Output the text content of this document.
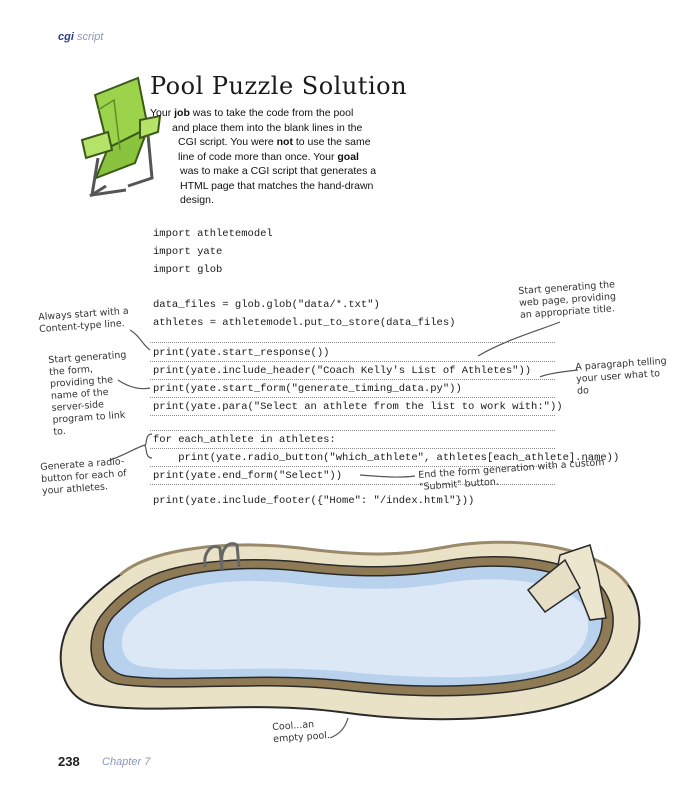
cgi script
Pool Puzzle Solution

Your job was to take the code from the pool

and place them into the blank lines in the

CGI script. You were not to use the same

line of code more than once. Your goal

was to make a CGI script that generates a

HTML page that matches the hand-drawn

design.

import athletemodel
import yate
import glob
data_files = glob.glob("data/*.txt")
athletes = athletemodel.put_to_store(data_files)
print(yate.start_response())
print(yate.include_header("Coach Kelly's List of Athletes"))
print(yate.start_form("generate_timing_data.py"))
print(yate.para("Select an athlete from the list to work with:"))
for each_athlete in athletes:
print(yate.radio_button("which_athlete", athletes[each_athlete].name))
print(yate.end_form("Select"))
print(yate.include_footer({"Home": "/index.html"}))
Always start with a Content-type line.
Start generating the form, providing the name of the server-side program to link to.
Generate a radio-button for each of your athletes.
Start generating the web page, providing an appropriate title.
A paragraph telling your user what to do
End the form generation with a custom "Submit" button.
Cool...an empty pool.
238 Chapter 7
